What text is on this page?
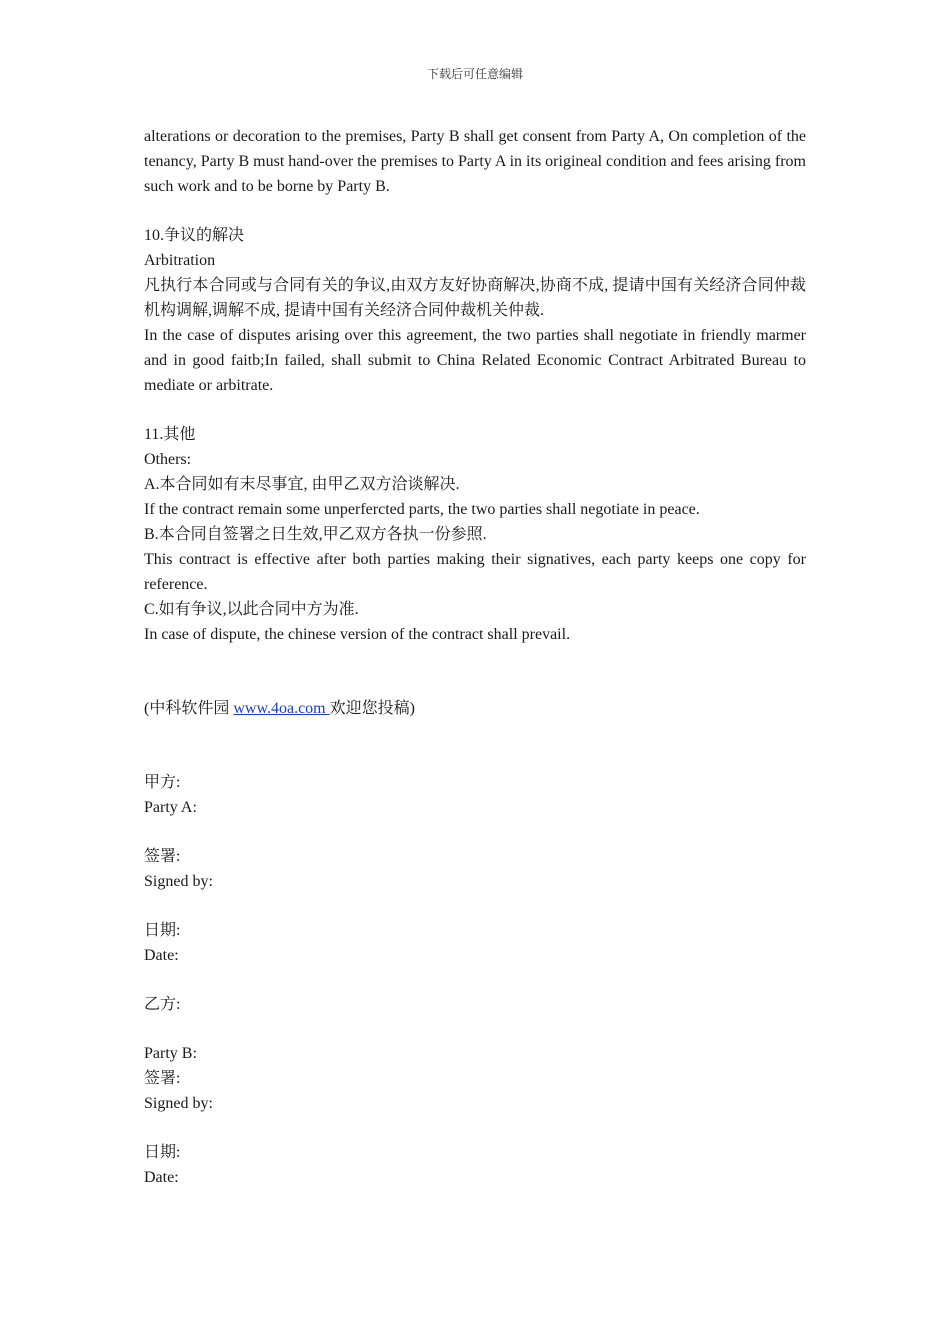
下载后可任意编辑

alterations or decoration to the premises, Party B shall get consent from Party A, On completion of the tenancy, Party B must hand-over the premises to Party A in its origineal condition and fees arising from such work and to be borne by Party B.

10.争议的解决

Arbitration

凡执行本合同或与合同有关的争议,由双方友好协商解决,协商不成, 提请中国有关经济合同仲裁机构调解,调解不成, 提请中国有关经济合同仲裁机关仲裁.

In the case of disputes arising over this agreement, the two parties shall negotiate in friendly marmer and in good faitb;In failed, shall submit to China Related Economic Contract Arbitrated Bureau to mediate or arbitrate.

11.其他

Others:

A.本合同如有末尽事宜, 由甲乙双方洽谈解决.

If the contract remain some unperfercted parts, the two parties shall negotiate in peace.

B.本合同自签署之日生效,甲乙双方各执一份参照.

This contract is effective after both parties making their signatives, each party keeps one copy for reference.

C.如有争议,以此合同中方为准.

In case of dispute, the chinese version of the contract shall prevail.

(中科软件园 www.4oa.com 欢迎您投稿)

甲方:

Party A:

签署:

Signed by:

日期:

Date:

乙方:

Party B:

签署:

Signed by:

日期:

Date:
